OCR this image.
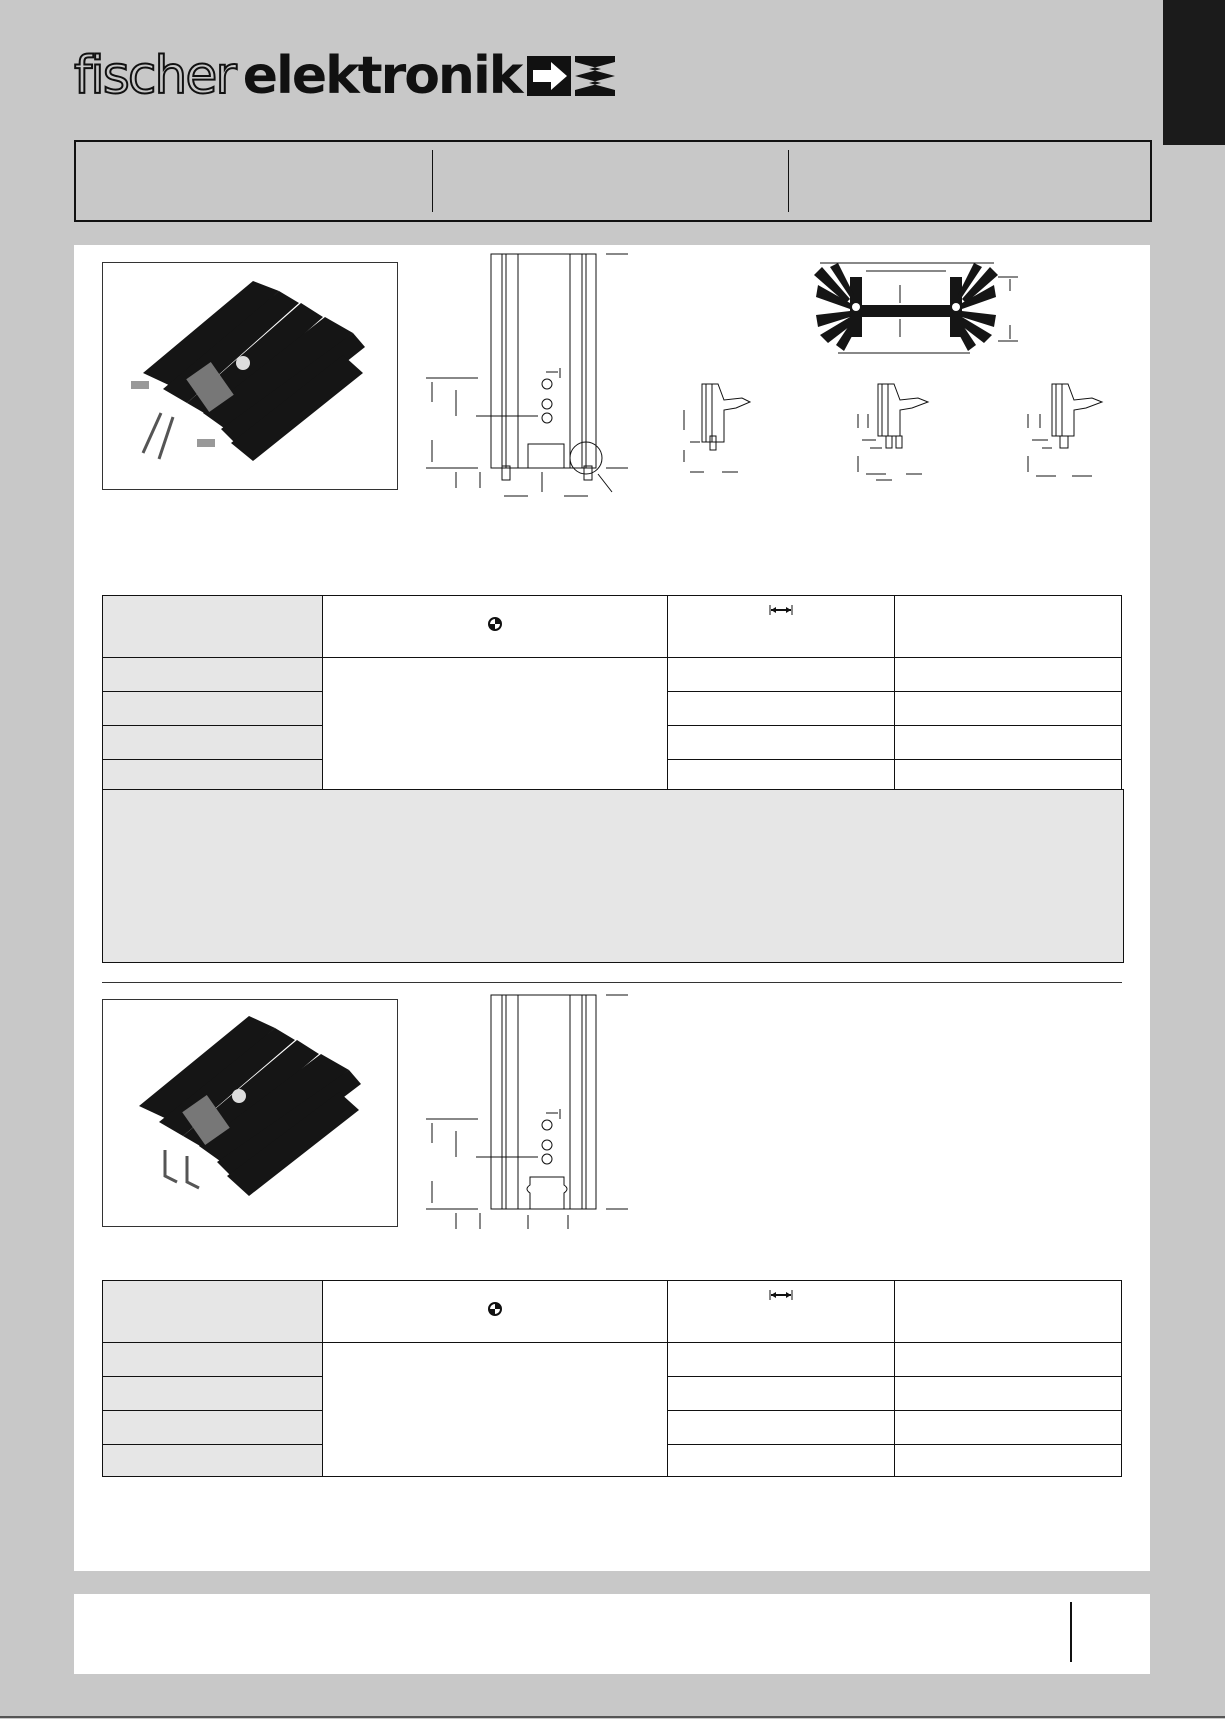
fischer elektronik
